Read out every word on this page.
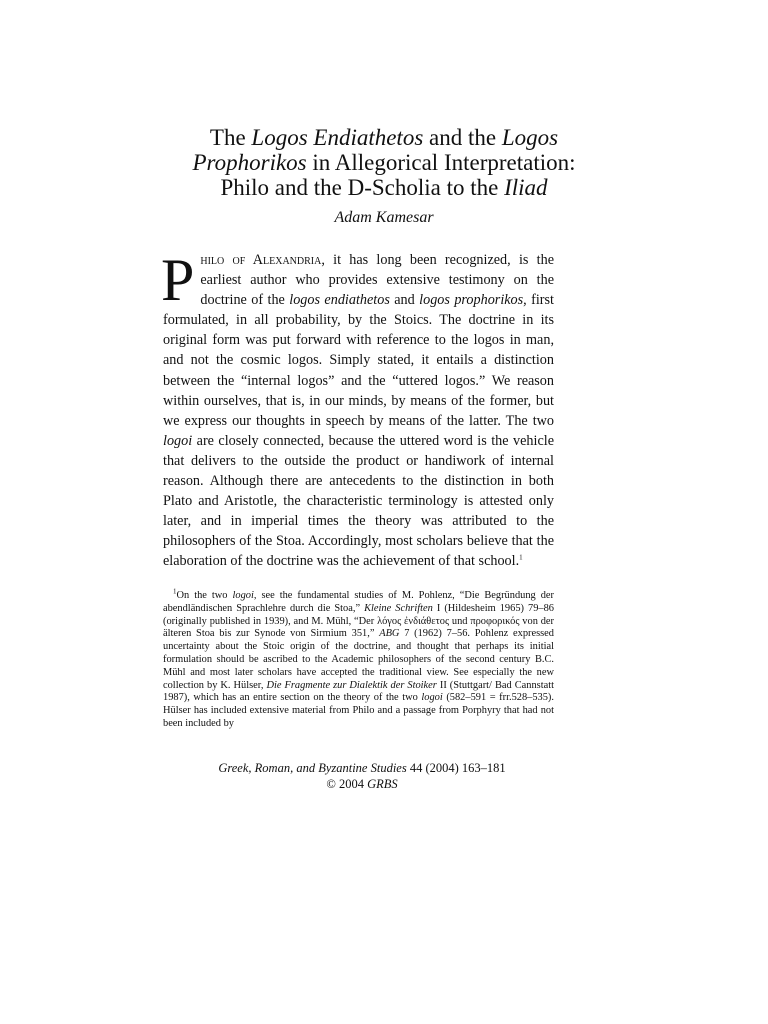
The Logos Endiathetos and the Logos
Prophorikos in Allegorical Interpretation:
Philo and the D-Scholia to the Iliad
Adam Kamesar

Philo of Alexandria, it has long been recognized, is the earliest author who provides extensive testimony on the doctrine of the logos endiathetos and logos prophorikos, first formulated, in all probability, by the Stoics. The doctrine in its original form was put forward with reference to the logos in man, and not the cosmic logos. Simply stated, it entails a distinction between the “internal logos” and the “uttered logos.” We reason within ourselves, that is, in our minds, by means of the former, but we express our thoughts in speech by means of the latter. The two logoi are closely connected, because the uttered word is the vehicle that delivers to the outside the product or handiwork of internal reason. Although there are antecedents to the distinction in both Plato and Aristotle, the characteristic terminology is attested only later, and in imperial times the theory was attributed to the philosophers of the Stoa. Accordingly, most scholars believe that the elaboration of the doctrine was the achievement of that school.$^1$

$^1$On the two logoi, see the fundamental studies of M. Pohlenz, “Die Begründung der abendländischen Sprachlehre durch die Stoa,” Kleine Schriften I (Hildesheim 1965) 79–86 (originally published in 1939), and M. Mühl, “Der λόγος ἐνδιάθετος und προφορικός von der älteren Stoa bis zur Synode von Sirmium 351,” ABG 7 (1962) 7–56. Pohlenz expressed uncertainty about the Stoic origin of the doctrine, and thought that perhaps its initial formulation should be ascribed to the Academic philosophers of the second century B.C. Mühl and most later scholars have accepted the traditional view. See especially the new collection by K. Hülser, Die Fragmente zur Dialektik der Stoiker II (Stuttgart/ Bad Cannstatt 1987), which has an entire section on the theory of the two logoi (582–591 = frr.528–535). Hülser has included extensive material from Philo and a passage from Porphyry that had not been included by

Greek, Roman, and Byzantine Studies 44 (2004) 163–181
© 2004 GRBS
